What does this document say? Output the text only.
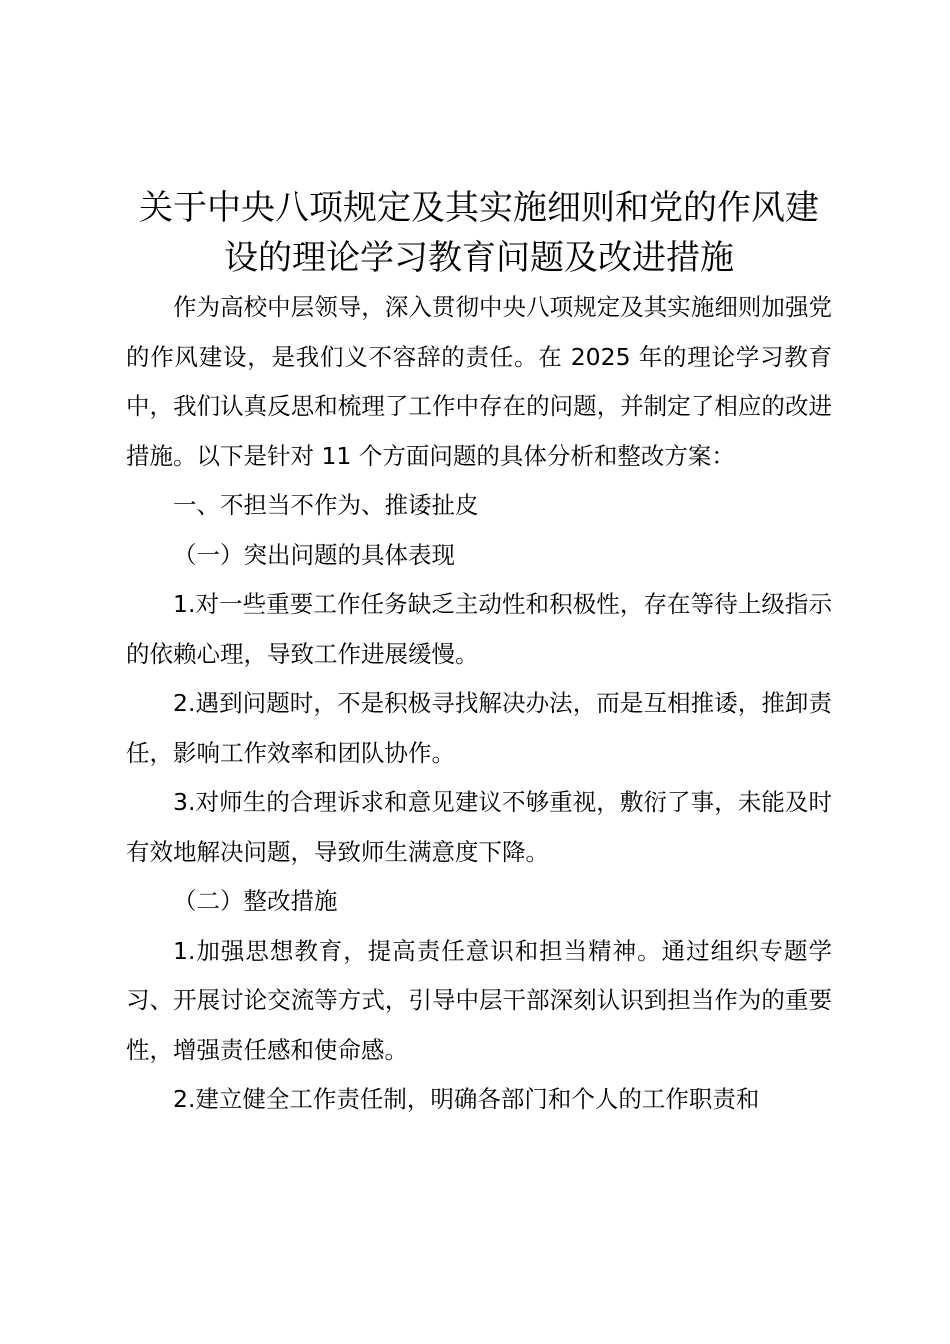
关于中央八项规定及其实施细则和党的作风建
设的理论学习教育问题及改进措施

作为高校中层领导，深入贯彻中央八项规定及其实施细则加强党的作风建设，是我们义不容辞的责任。在 2025 年的理论学习教育中，我们认真反思和梳理了工作中存在的问题，并制定了相应的改进措施。以下是针对 11 个方面问题的具体分析和整改方案：

一、不担当不作为、推诿扯皮

（一）突出问题的具体表现

1.对一些重要工作任务缺乏主动性和积极性，存在等待上级指示的依赖心理，导致工作进展缓慢。

2.遇到问题时，不是积极寻找解决办法，而是互相推诿，推卸责任，影响工作效率和团队协作。

3.对师生的合理诉求和意见建议不够重视，敷衍了事，未能及时有效地解决问题，导致师生满意度下降。

（二）整改措施

1.加强思想教育，提高责任意识和担当精神。通过组织专题学习、开展讨论交流等方式，引导中层干部深刻认识到担当作为的重要性，增强责任感和使命感。

2.建立健全工作责任制，明确各部门和个人的工作职责和
